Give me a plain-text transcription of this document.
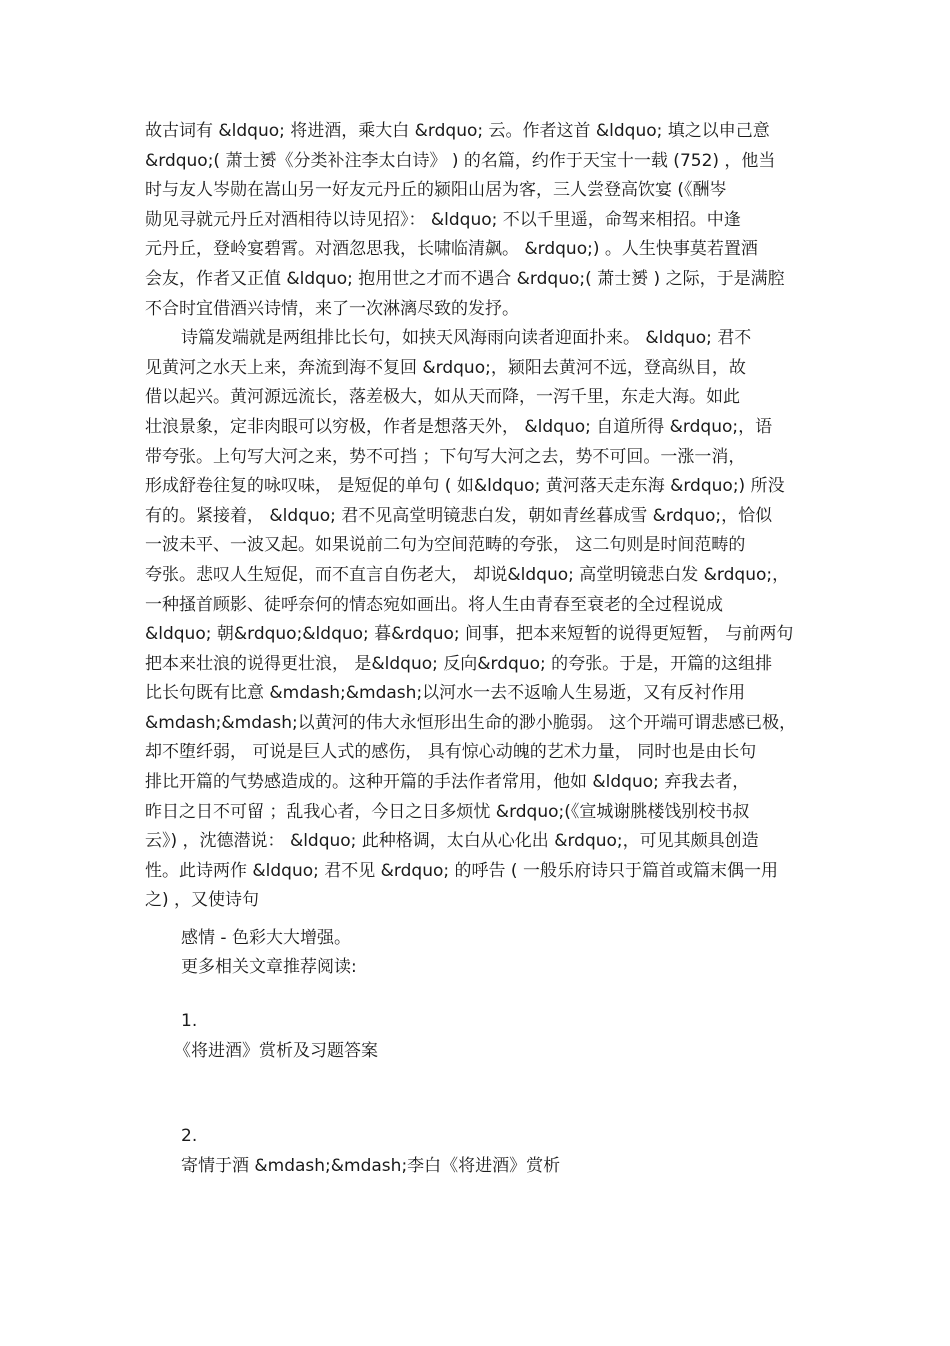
故古词有 &ldquo; 将进酒，乘大白 &rdquo; 云。作者这首 &ldquo; 填之以申己意
&rdquo;( 萧士赟《分类补注李太白诗》 ) 的名篇，约作于天宝十一载 (752) ，他当
时与友人岑勋在嵩山另一好友元丹丘的颍阳山居为客，三人尝登高饮宴 (《酬岑
勋见寻就元丹丘对酒相待以诗见招》： &ldquo; 不以千里遥，命驾来相招。中逢
元丹丘，登岭宴碧霄。对酒忽思我，长啸临清飙。 &rdquo;) 。人生快事莫若置酒
会友，作者又正值 &ldquo; 抱用世之才而不遇合 &rdquo;( 萧士赟 ) 之际，于是满腔
不合时宜借酒兴诗情，来了一次淋漓尽致的发抒。
诗篇发端就是两组排比长句，如挟天风海雨向读者迎面扑来。 &ldquo; 君不
见黄河之水天上来，奔流到海不复回 &rdquo;，颍阳去黄河不远，登高纵目，故
借以起兴。黄河源远流长，落差极大，如从天而降，一泻千里，东走大海。如此
壮浪景象，定非肉眼可以穷极，作者是想落天外， &ldquo; 自道所得 &rdquo;，语
带夸张。上句写大河之来，势不可挡 ；下句写大河之去，势不可回。一涨一消，
形成舒卷往复的咏叹味， 是短促的单句 ( 如&ldquo; 黄河落天走东海 &rdquo;) 所没
有的。紧接着， &ldquo; 君不见高堂明镜悲白发，朝如青丝暮成雪 &rdquo;，恰似
一波未平、一波又起。如果说前二句为空间范畴的夸张， 这二句则是时间范畴的
夸张。悲叹人生短促，而不直言自伤老大， 却说&ldquo; 高堂明镜悲白发 &rdquo;，
一种搔首顾影、徒呼奈何的情态宛如画出。将人生由青春至衰老的全过程说成
&ldquo; 朝&rdquo;&ldquo; 暮&rdquo; 间事，把本来短暂的说得更短暂， 与前两句
把本来壮浪的说得更壮浪， 是&ldquo; 反向&rdquo; 的夸张。于是，开篇的这组排
比长句既有比意 &mdash;&mdash;以河水一去不返喻人生易逝，又有反衬作用
&mdash;&mdash;以黄河的伟大永恒形出生命的渺小脆弱。 这个开端可谓悲感已极，
却不堕纤弱， 可说是巨人式的感伤， 具有惊心动魄的艺术力量， 同时也是由长句
排比开篇的气势感造成的。这种开篇的手法作者常用，他如 &ldquo; 弃我去者，
昨日之日不可留 ；乱我心者，今日之日多烦忧 &rdquo;(《宣城谢朓楼饯别校书叔
云》) ，沈德潜说： &ldquo; 此种格调，太白从心化出 &rdquo;，可见其颇具创造
性。此诗两作 &ldquo; 君不见 &rdquo; 的呼告 ( 一般乐府诗只于篇首或篇末偶一用
之) ，又使诗句
感情 - 色彩大大增强。
更多相关文章推荐阅读:
1.
《将进酒》赏析及习题答案
2.
寄情于酒 &mdash;&mdash;李白《将进酒》赏析
